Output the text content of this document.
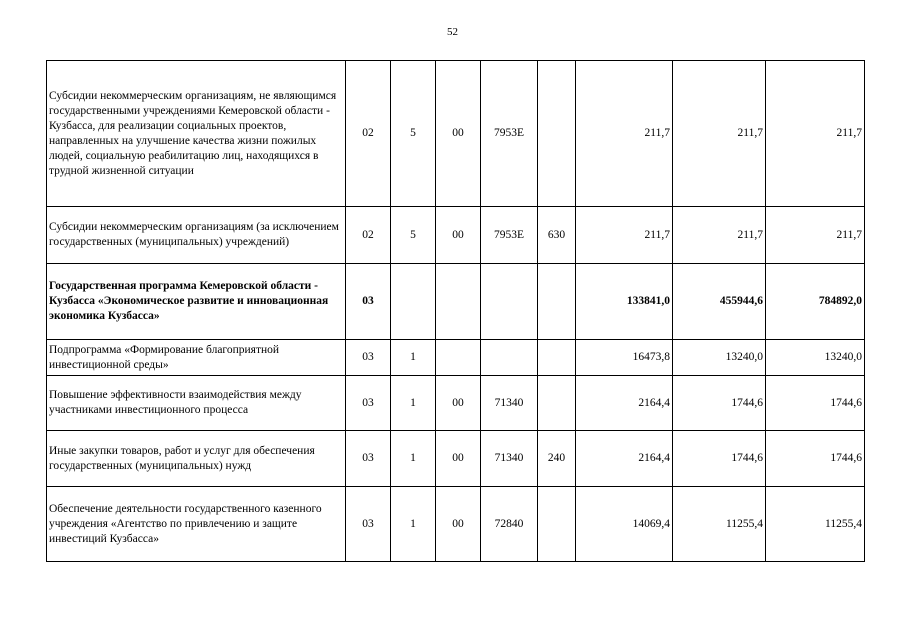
52
Субсидии некоммерческим организациям, не являющимся государственными учреждениями Кемеровской области - Кузбасса, для реализации социальных проектов, направленных на улучшение качества жизни пожилых людей, социальную реабилитацию лиц, находящихся в трудной жизненной ситуации	02	5	00	7953Е		211,7	211,7	211,7
Субсидии некоммерческим организациям (за исключением государственных (муниципальных) учреждений)	02	5	00	7953Е	630	211,7	211,7	211,7
Государственная программа Кемеровской области - Кузбасса «Экономическое развитие и инновационная экономика Кузбасса»	03					133841,0	455944,6	784892,0
Подпрограмма «Формирование благоприятной инвестиционной среды»	03	1				16473,8	13240,0	13240,0
Повышение эффективности взаимодействия между участниками инвестиционного процесса	03	1	00	71340		2164,4	1744,6	1744,6
Иные закупки товаров, работ и услуг для обеспечения государственных (муниципальных) нужд	03	1	00	71340	240	2164,4	1744,6	1744,6
Обеспечение деятельности государственного казенного учреждения «Агентство по привлечению и защите инвестиций Кузбасса»	03	1	00	72840		14069,4	11255,4	11255,4
